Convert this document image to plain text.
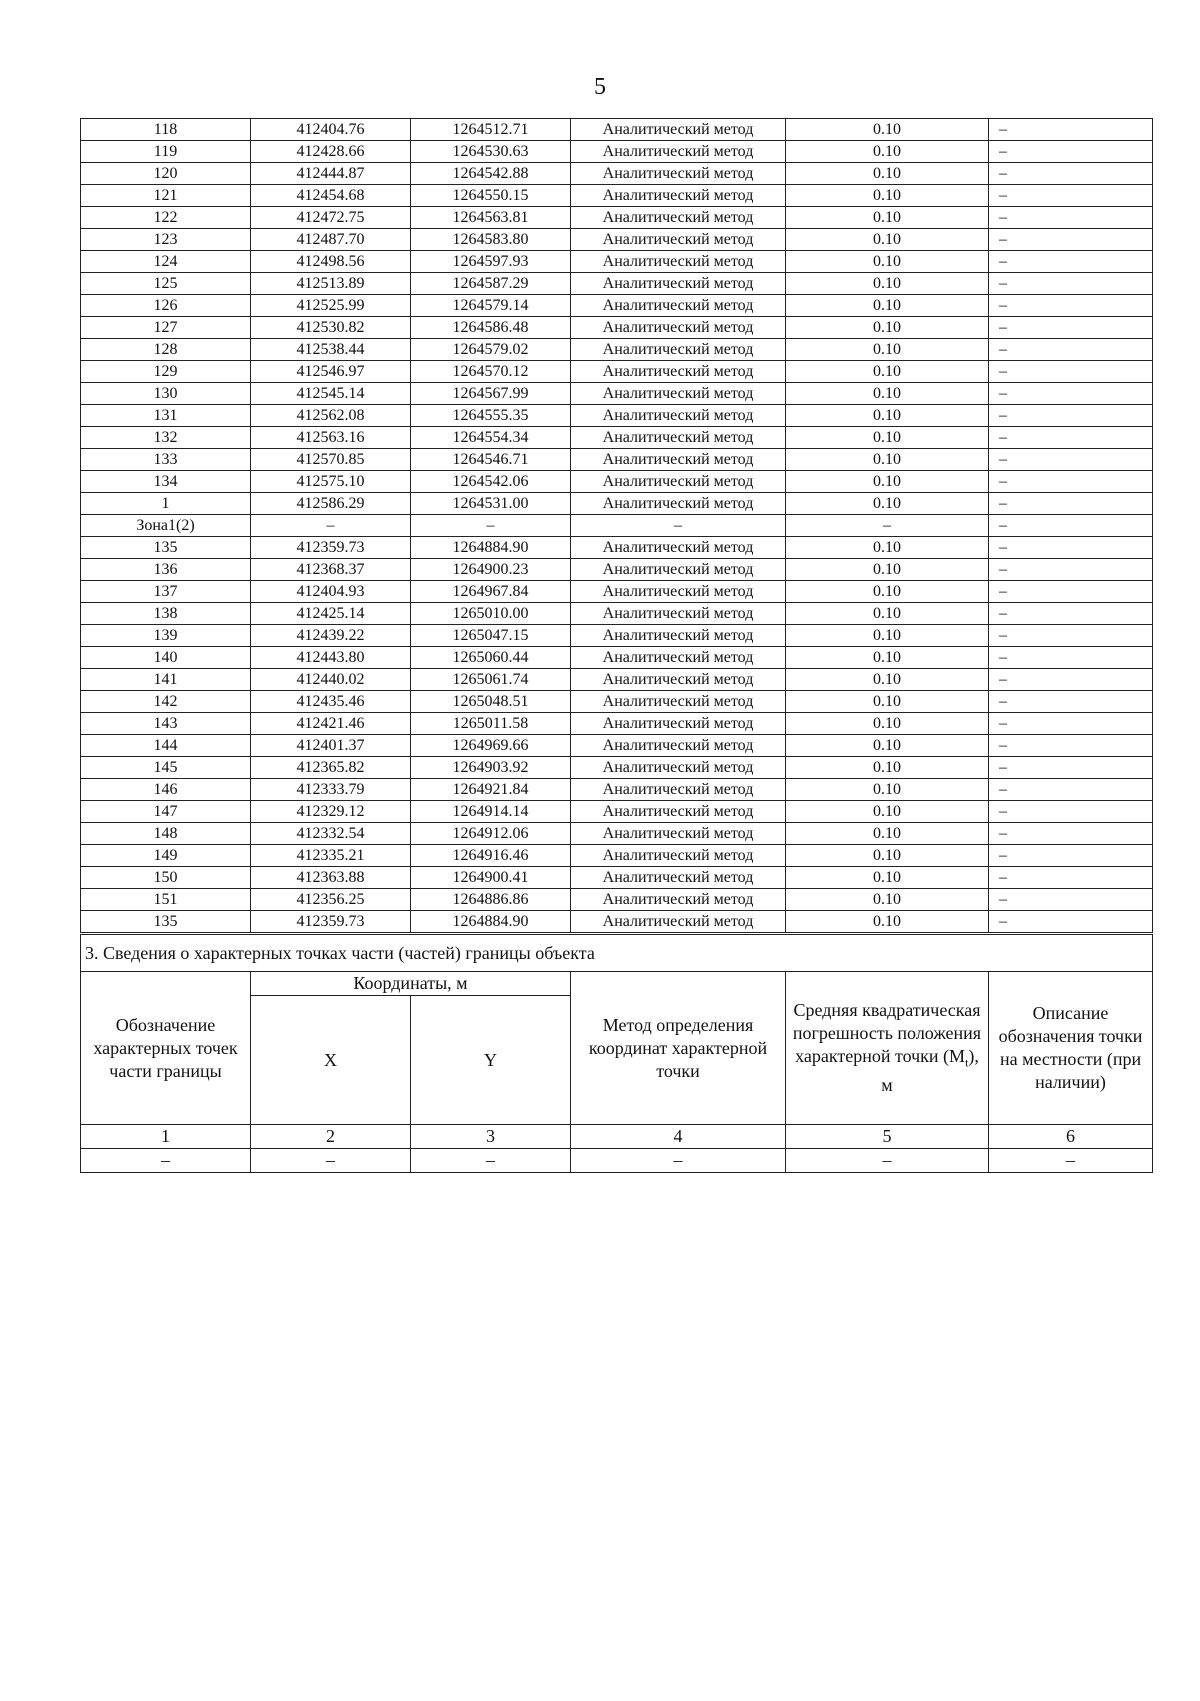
5
118	412404.76	1264512.71	Аналитический метод	0.10	–
119	412428.66	1264530.63	Аналитический метод	0.10	–
120	412444.87	1264542.88	Аналитический метод	0.10	–
121	412454.68	1264550.15	Аналитический метод	0.10	–
122	412472.75	1264563.81	Аналитический метод	0.10	–
123	412487.70	1264583.80	Аналитический метод	0.10	–
124	412498.56	1264597.93	Аналитический метод	0.10	–
125	412513.89	1264587.29	Аналитический метод	0.10	–
126	412525.99	1264579.14	Аналитический метод	0.10	–
127	412530.82	1264586.48	Аналитический метод	0.10	–
128	412538.44	1264579.02	Аналитический метод	0.10	–
129	412546.97	1264570.12	Аналитический метод	0.10	–
130	412545.14	1264567.99	Аналитический метод	0.10	–
131	412562.08	1264555.35	Аналитический метод	0.10	–
132	412563.16	1264554.34	Аналитический метод	0.10	–
133	412570.85	1264546.71	Аналитический метод	0.10	–
134	412575.10	1264542.06	Аналитический метод	0.10	–
1	412586.29	1264531.00	Аналитический метод	0.10	–
Зона1(2)	–	–	–	–	–
135	412359.73	1264884.90	Аналитический метод	0.10	–
136	412368.37	1264900.23	Аналитический метод	0.10	–
137	412404.93	1264967.84	Аналитический метод	0.10	–
138	412425.14	1265010.00	Аналитический метод	0.10	–
139	412439.22	1265047.15	Аналитический метод	0.10	–
140	412443.80	1265060.44	Аналитический метод	0.10	–
141	412440.02	1265061.74	Аналитический метод	0.10	–
142	412435.46	1265048.51	Аналитический метод	0.10	–
143	412421.46	1265011.58	Аналитический метод	0.10	–
144	412401.37	1264969.66	Аналитический метод	0.10	–
145	412365.82	1264903.92	Аналитический метод	0.10	–
146	412333.79	1264921.84	Аналитический метод	0.10	–
147	412329.12	1264914.14	Аналитический метод	0.10	–
148	412332.54	1264912.06	Аналитический метод	0.10	–
149	412335.21	1264916.46	Аналитический метод	0.10	–
150	412363.88	1264900.41	Аналитический метод	0.10	–
151	412356.25	1264886.86	Аналитический метод	0.10	–
135	412359.73	1264884.90	Аналитический метод	0.10	–
3. Сведения о характерных точках части (частей) границы объекта					
Обозначение характерных точек части границы	Координаты, м		Метод определения координат характерной точки	Средняя квадратическая погрешность положения характерной точки $(M_t)$, м	Описание обозначения точки на местности (при наличии)
	X	Y			
1	2	3	4	5	6
–	–	–	–	–	–
